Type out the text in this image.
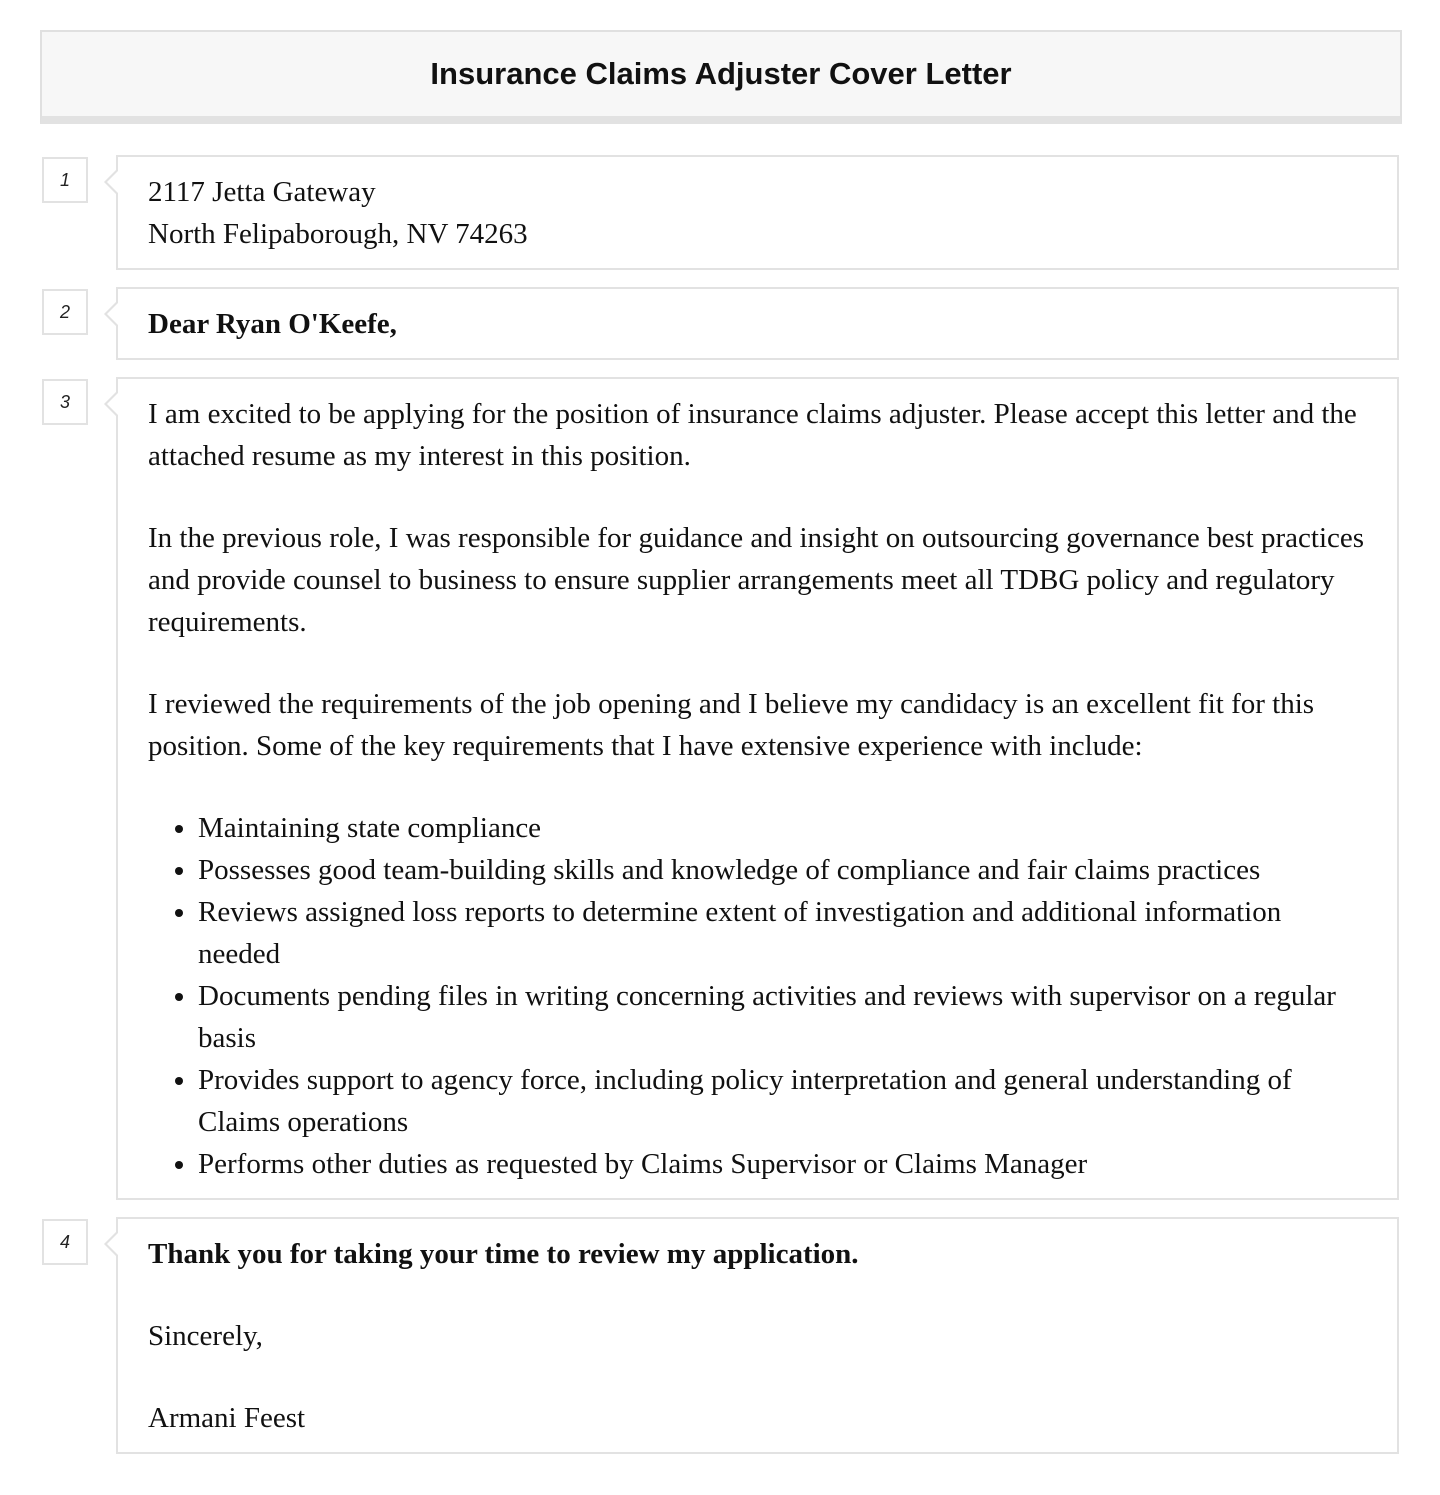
Insurance Claims Adjuster Cover Letter
1	2117 Jetta Gateway
North Felipaborough, NV 74263
2	Dear Ryan O'Keefe,
3	I am excited to be applying for the position of insurance claims adjuster. Please accept this letter and the attached resume as my interest in this position.

In the previous role, I was responsible for guidance and insight on outsourcing governance best practices and provide counsel to business to ensure supplier arrangements meet all TDBG policy and regulatory requirements.

I reviewed the requirements of the job opening and I believe my candidacy is an excellent fit for this position. Some of the key requirements that I have extensive experience with include:

• Maintaining state compliance
• Possesses good team-building skills and knowledge of compliance and fair claims practices
• Reviews assigned loss reports to determine extent of investigation and additional information needed
• Documents pending files in writing concerning activities and reviews with supervisor on a regular basis
• Provides support to agency force, including policy interpretation and general understanding of Claims operations
• Performs other duties as requested by Claims Supervisor or Claims Manager
4	Thank you for taking your time to review my application.
Sincerely,
Armani Feest
